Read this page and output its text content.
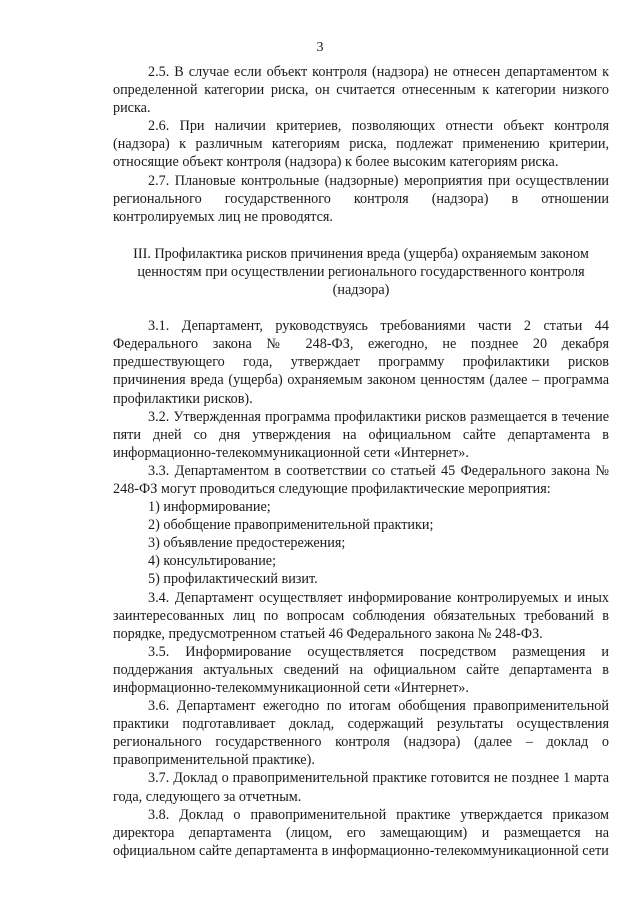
3

2.5. В случае если объект контроля (надзора) не отнесен департаментом к определенной категории риска, он считается отнесенным к категории низкого риска.

2.6. При наличии критериев, позволяющих отнести объект контроля (надзора) к различным категориям риска, подлежат применению критерии, относящие объект контроля (надзора) к более высоким категориям риска.

2.7. Плановые контрольные (надзорные) мероприятия при осуществлении регионального государственного контроля (надзора) в отношении контролируемых лиц не проводятся.

III. Профилактика рисков причинения вреда (ущерба) охраняемым законом ценностям при осуществлении регионального государственного контроля (надзора)

3.1. Департамент, руководствуясь требованиями части 2 статьи 44 Федерального закона № 248-ФЗ, ежегодно, не позднее 20 декабря предшествующего года, утверждает программу профилактики рисков причинения вреда (ущерба) охраняемым законом ценностям (далее – программа профилактики рисков).

3.2. Утвержденная программа профилактики рисков размещается в течение пяти дней со дня утверждения на официальном сайте департамента в информационно-телекоммуникационной сети «Интернет».

3.3. Департаментом в соответствии со статьей 45 Федерального закона № 248-ФЗ могут проводиться следующие профилактические мероприятия:

1) информирование;

2) обобщение правоприменительной практики;

3) объявление предостережения;

4) консультирование;

5) профилактический визит.

3.4. Департамент осуществляет информирование контролируемых и иных заинтересованных лиц по вопросам соблюдения обязательных требований в порядке, предусмотренном статьей 46 Федерального закона № 248-ФЗ.

3.5. Информирование осуществляется посредством размещения и поддержания актуальных сведений на официальном сайте департамента в информационно-телекоммуникационной сети «Интернет».

3.6. Департамент ежегодно по итогам обобщения правоприменительной практики подготавливает доклад, содержащий результаты осуществления регионального государственного контроля (надзора) (далее – доклад о правоприменительной практике).

3.7. Доклад о правоприменительной практике готовится не позднее 1 марта года, следующего за отчетным.

3.8. Доклад о правоприменительной практике утверждается приказом директора департамента (лицом, его замещающим) и размещается на официальном сайте департамента в информационно-телекоммуникационной сети
